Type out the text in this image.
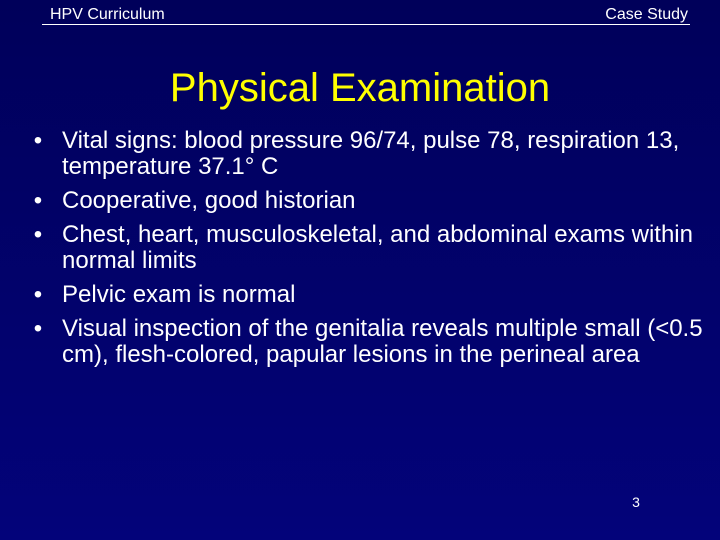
HPV Curriculum	Case Study
Physical Examination
• Vital signs: blood pressure 96/74, pulse 78, respiration 13, temperature 37.1° C
• Cooperative, good historian
• Chest, heart, musculoskeletal, and abdominal exams within normal limits
• Pelvic exam is normal
• Visual inspection of the genitalia reveals multiple small (<0.5 cm), flesh-colored, papular lesions in the perineal area
3
